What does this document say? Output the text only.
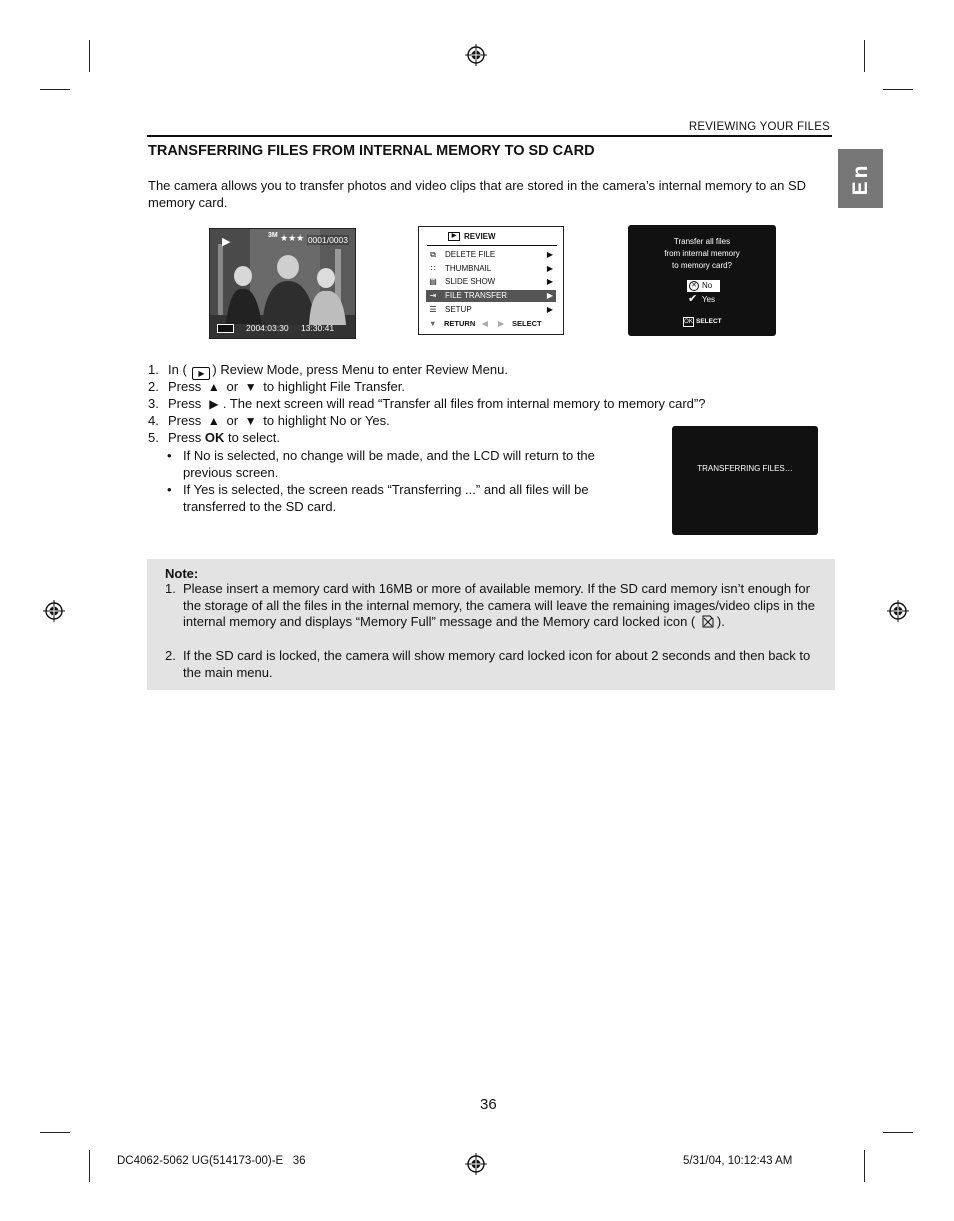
REVIEWING YOUR FILES
En
TRANSFERRING FILES FROM INTERNAL MEMORY TO SD CARD
The camera allows you to transfer photos and video clips that are stored in the camera’s internal memory to an SD memory card.
▶
3M ★★★ 0001/0003
2004:03:30 13:30:41
▶ REVIEW
⧉ DELETE FILE	▶
∷	THUMBNAIL	▶
▤ SLIDE SHOW	▶
⇥ FILE TRANSFER	▶
☰ SETUP	▶
▼ RETURN ◀ ▶ SELECT
Transfer all files
from internal memory
to memory card?
✕ No
✔ Yes
OK SELECT
TRANSFERRING FILES…
1. In ( ▶ ) Review Mode, press Menu to enter Review Menu.
2. Press ▲ or ▼ to highlight File Transfer.
3. Press ▶ . The next screen will read “Transfer all files from internal memory to memory card”?
4. Press ▲ or ▼ to highlight No or Yes.
5. Press OK to select.
• If No is selected, no change will be made, and the LCD will return to the previous screen.
• If Yes is selected, the screen reads “Transferring ...” and all files will be transferred to the SD card.
Note:
1. Please insert a memory card with 16MB or more of available memory. If the SD card memory isn’t enough for the storage of all the files in the internal memory, the camera will leave the remaining images/video clips in the internal memory and displays “Memory Full” message and the Memory card locked icon ( ).
2. If the SD card is locked, the camera will show memory card locked icon for about 2 seconds and then back to the main menu.
36
DC4062-5062 UG(514173-00)-E   36	5/31/04, 10:12:43 AM
